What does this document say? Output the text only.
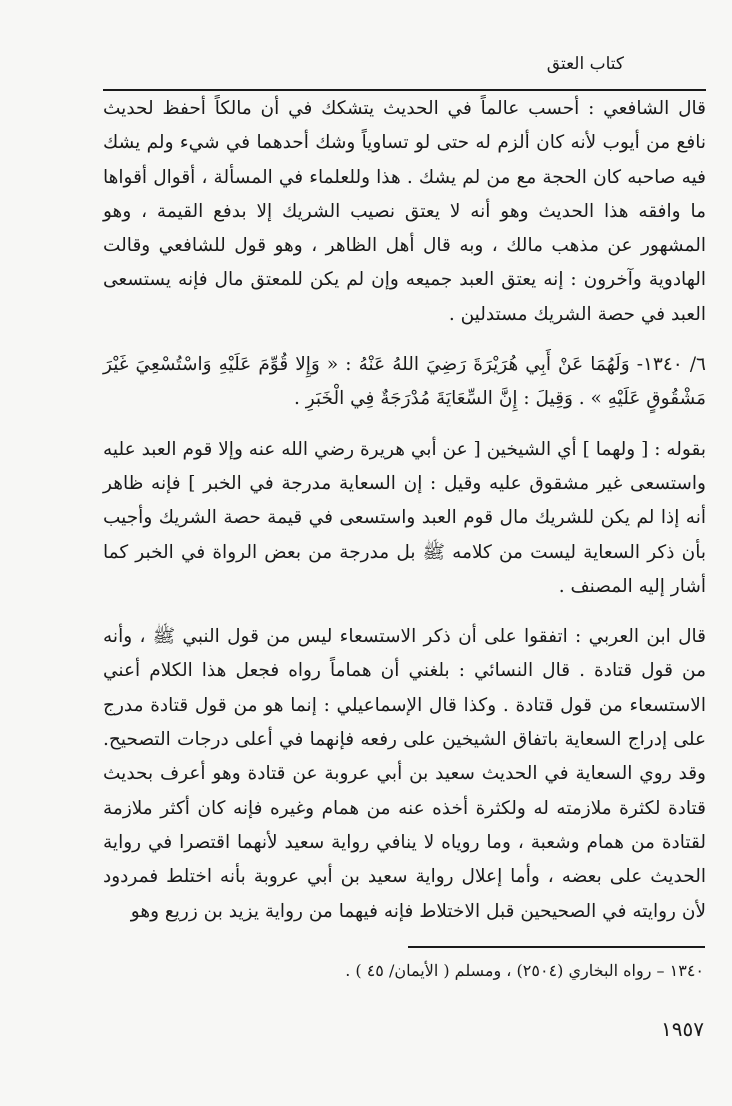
كتاب العتق

قال الشافعي : أحسب عالماً في الحديث يتشكك في أن مالكاً أحفظ لحديث نافع من أيوب لأنه كان ألزم له حتى لو تساوياً وشك أحدهما في شيء ولم يشك فيه صاحبه كان الحجة مع من لم يشك . هذا وللعلماء في المسألة ، أقوال أقواها ما وافقه هذا الحديث وهو أنه لا يعتق نصيب الشريك إلا بدفع القيمة ، وهو المشهور عن مذهب مالك ، وبه قال أهل الظاهر ، وهو قول للشافعي وقالت الهادوية وآخرون : إنه يعتق العبد جميعه وإن لم يكن للمعتق مال فإنه يستسعى العبد في حصة الشريك مستدلين .

٦/ ١٣٤٠- وَلَهُمَا عَنْ أَبِي هُرَيْرَةَ رَضِيَ اللهُ عَنْهُ : « وَإِلا قُوِّمَ عَلَيْهِ وَاسْتُسْعِيَ غَيْرَ مَشْقُوقٍ عَلَيْهِ » . وَقِيلَ : إِنَّ السِّعَايَةَ مُدْرَجَةٌ فِي الْخَبَرِ .

بقوله : [ ولهما ] أي الشيخين [ عن أبي هريرة رضي الله عنه وإلا قوم العبد عليه واستسعى غير مشقوق عليه وقيل : إن السعاية مدرجة في الخبر ] فإنه ظاهر أنه إذا لم يكن للشريك مال قوم العبد واستسعى في قيمة حصة الشريك وأجيب بأن ذكر السعاية ليست من كلامه ﷺ بل مدرجة من بعض الرواة في الخبر كما أشار إليه المصنف .

قال ابن العربي : اتفقوا على أن ذكر الاستسعاء ليس من قول النبي ﷺ ، وأنه من قول قتادة . قال النسائي : بلغني أن هماماً رواه فجعل هذا الكلام أعني الاستسعاء من قول قتادة . وكذا قال الإسماعيلي : إنما هو من قول قتادة مدرج على إدراج السعاية باتفاق الشيخين على رفعه فإنهما في أعلى درجات التصحيح. وقد روي السعاية في الحديث سعيد بن أبي عروبة عن قتادة وهو أعرف بحديث قتادة لكثرة ملازمته له ولكثرة أخذه عنه من همام وغيره فإنه كان أكثر ملازمة لقتادة من همام وشعبة ، وما روياه لا ينافي رواية سعيد لأنهما اقتصرا في رواية الحديث على بعضه ، وأما إعلال رواية سعيد بن أبي عروبة بأنه اختلط فمردود لأن روايته في الصحيحين قبل الاختلاط فإنه فيهما من رواية يزيد بن زريع وهو

١٣٤٠ – رواه البخاري (٢٥٠٤) ، ومسلم ( الأيمان/ ٤٥ ) .
١٩٥٧
